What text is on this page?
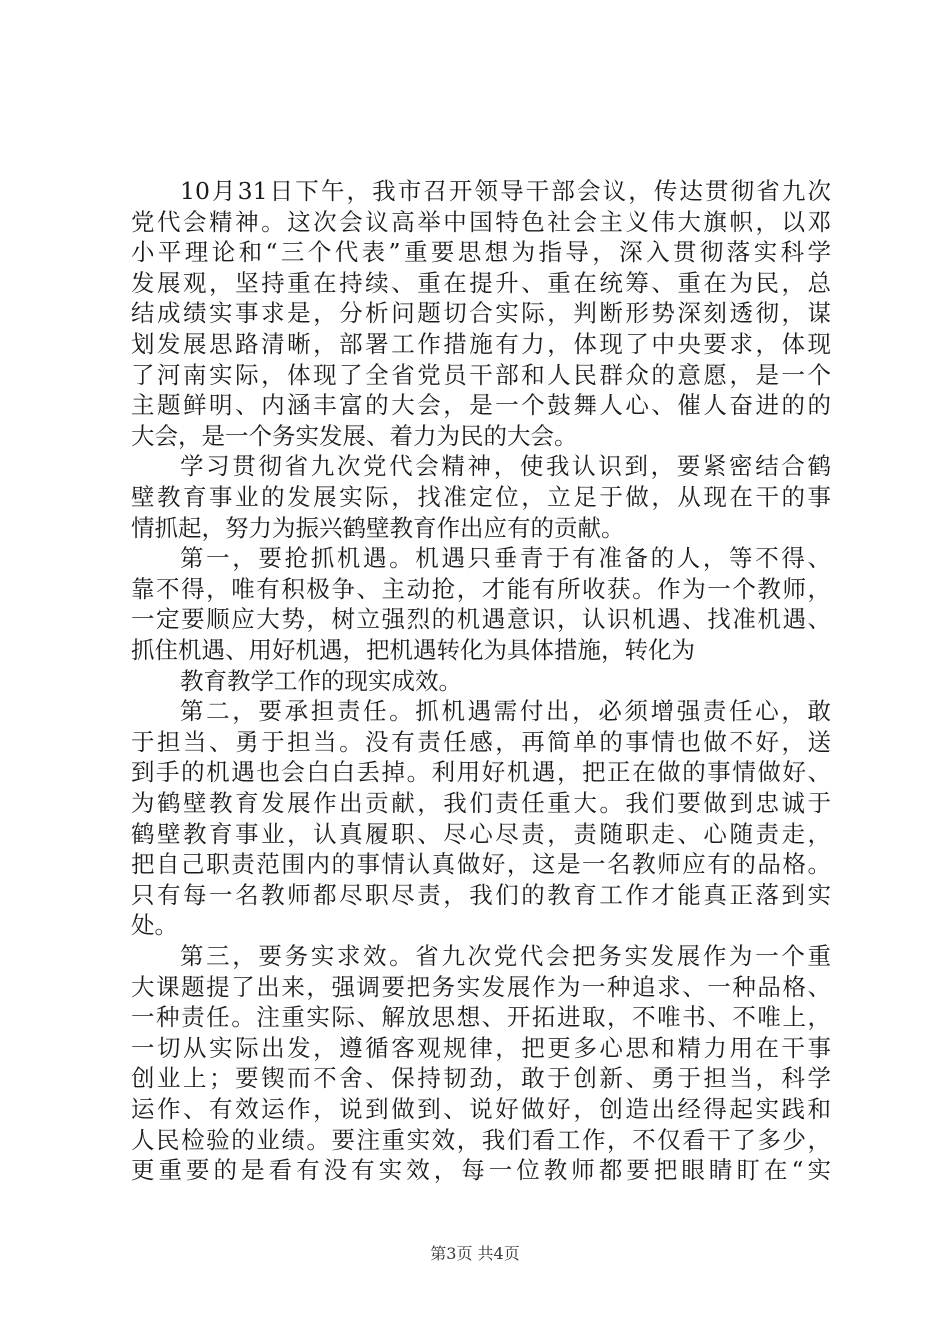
10月31日下午，我市召开领导干部会议，传达贯彻省九次
党代会精神。这次会议高举中国特色社会主义伟大旗帜，以邓
小平理论和“三个代表”重要思想为指导，深入贯彻落实科学
发展观，坚持重在持续、重在提升、重在统筹、重在为民，总
结成绩实事求是，分析问题切合实际，判断形势深刻透彻，谋
划发展思路清晰，部署工作措施有力，体现了中央要求，体现
了河南实际，体现了全省党员干部和人民群众的意愿，是一个
主题鲜明、内涵丰富的大会，是一个鼓舞人心、催人奋进的的
大会，是一个务实发展、着力为民的大会。
学习贯彻省九次党代会精神，使我认识到，要紧密结合鹤
壁教育事业的发展实际，找准定位，立足于做，从现在干的事
情抓起，努力为振兴鹤壁教育作出应有的贡献。
第一，要抢抓机遇。机遇只垂青于有准备的人，等不得、
靠不得，唯有积极争、主动抢，才能有所收获。作为一个教师，
一定要顺应大势，树立强烈的机遇意识，认识机遇、找准机遇、
抓住机遇、用好机遇，把机遇转化为具体措施，转化为
教育教学工作的现实成效。
第二，要承担责任。抓机遇需付出，必须增强责任心，敢
于担当、勇于担当。没有责任感，再简单的事情也做不好，送
到手的机遇也会白白丢掉。利用好机遇，把正在做的事情做好、
为鹤壁教育发展作出贡献，我们责任重大。我们要做到忠诚于
鹤壁教育事业，认真履职、尽心尽责，责随职走、心随责走，
把自己职责范围内的事情认真做好，这是一名教师应有的品格。
只有每一名教师都尽职尽责，我们的教育工作才能真正落到实
处。
第三，要务实求效。省九次党代会把务实发展作为一个重
大课题提了出来，强调要把务实发展作为一种追求、一种品格、
一种责任。注重实际、解放思想、开拓进取，不唯书、不唯上，
一切从实际出发，遵循客观规律，把更多心思和精力用在干事
创业上；要锲而不舍、保持韧劲，敢于创新、勇于担当，科学
运作、有效运作，说到做到、说好做好，创造出经得起实践和
人民检验的业绩。要注重实效，我们看工作，不仅看干了多少，
更重要的是看有没有实效，每一位教师都要把眼睛盯在“实
第3页 共4页
